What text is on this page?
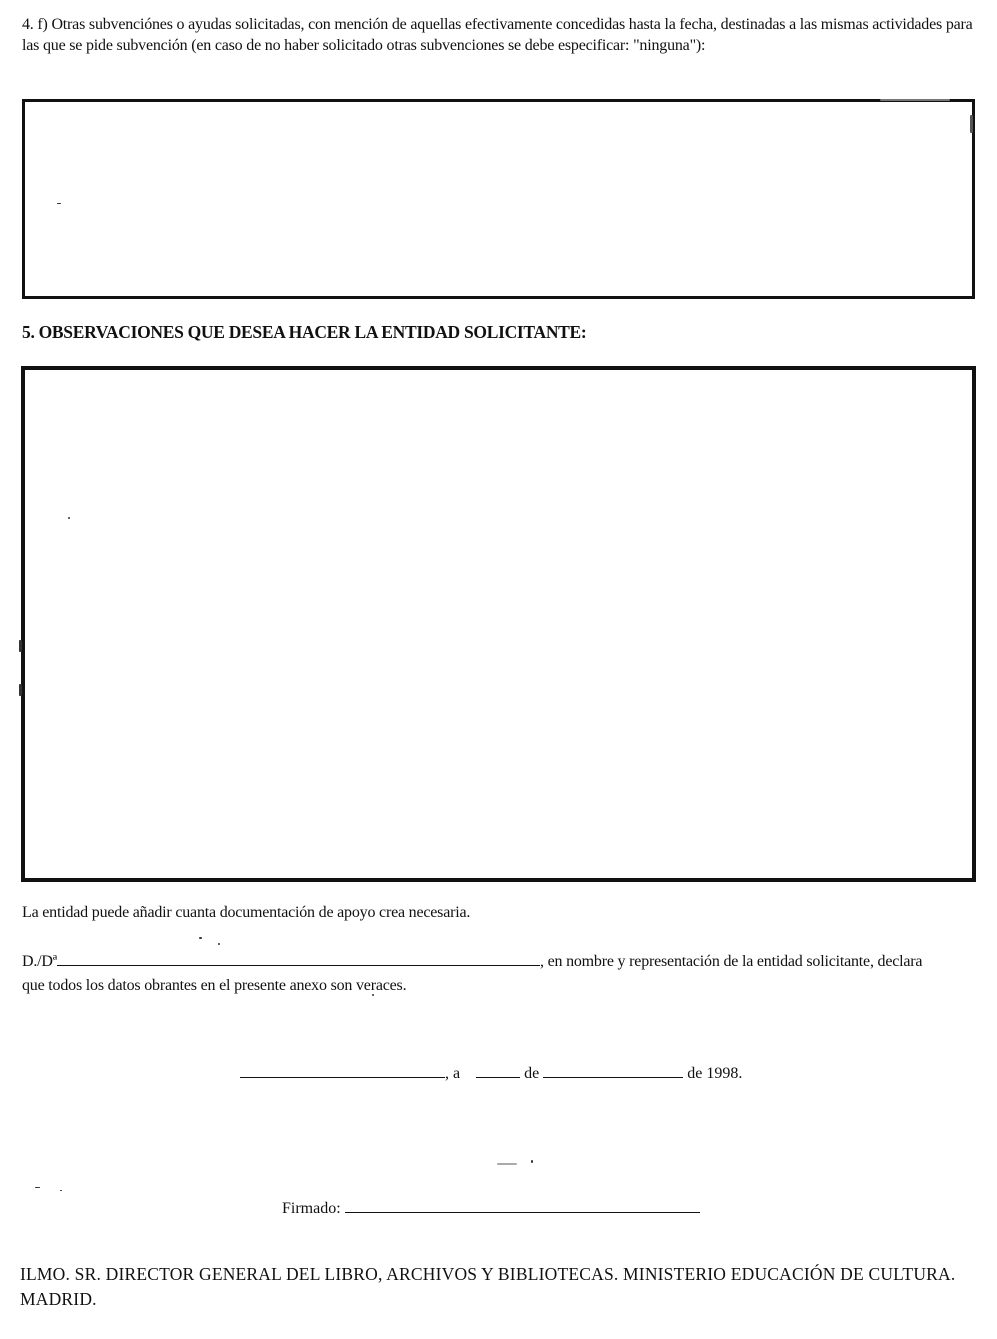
4. f) Otras subvenciónes o ayudas solicitadas, con mención de aquellas efectivamente concedidas hasta la fecha, destinadas a las mismas actividades para las que se pide subvención (en caso de no haber solicitado otras subvenciones se debe especificar: "ninguna"):
5. OBSERVACIONES QUE DESEA HACER LA ENTIDAD SOLICITANTE:
La entidad puede añadir cuanta documentación de apoyo crea necesaria.
D./Dª	, en nombre y representación de la entidad solicitante, declara
que todos los datos obrantes en el presente anexo son veraces.
, a	de	de 1998.
Firmado:
ILMO. SR. DIRECTOR GENERAL DEL LIBRO, ARCHIVOS Y BIBLIOTECAS. MINISTERIO EDUCACIÓN DE CULTURA. MADRID.
